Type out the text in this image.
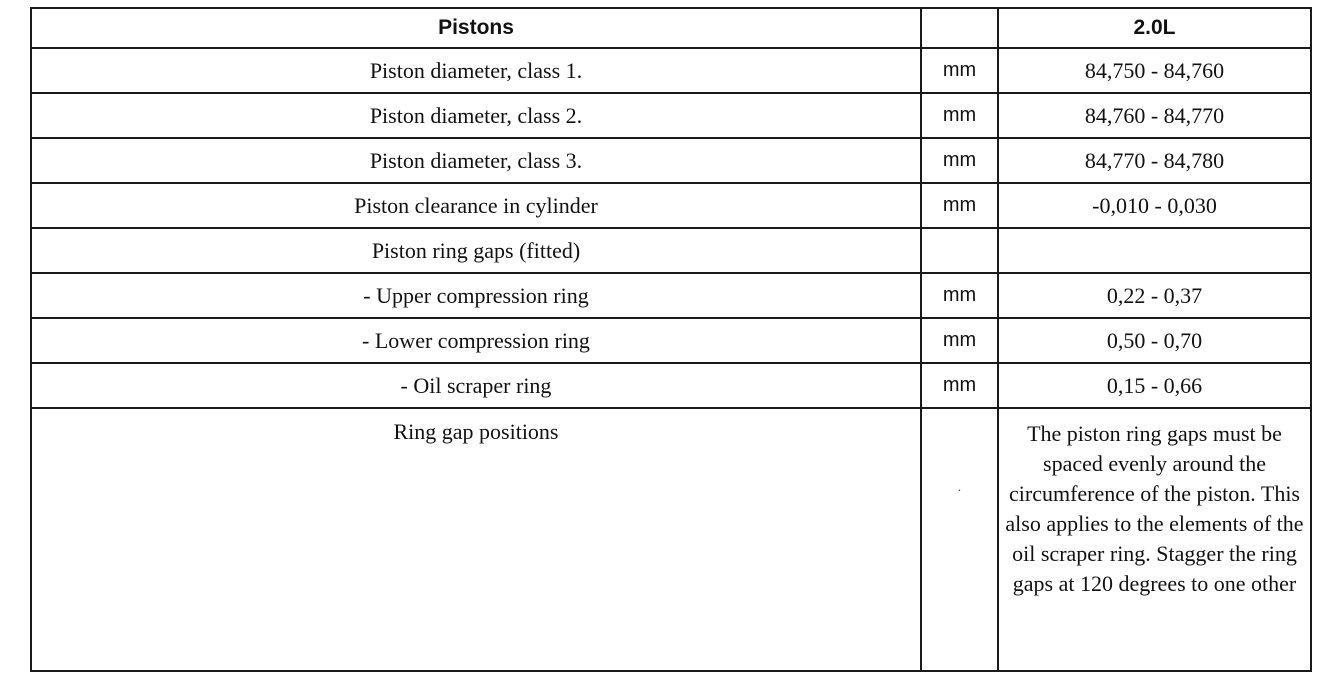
Pistons		2.0L
Piston diameter, class 1.	mm	84,750 - 84,760
Piston diameter, class 2.	mm	84,760 - 84,770
Piston diameter, class 3.	mm	84,770 - 84,780
Piston clearance in cylinder	mm	-0,010 - 0,030
Piston ring gaps (fitted)		
- Upper compression ring	mm	0,22 - 0,37
- Lower compression ring	mm	0,50 - 0,70
- Oil scraper ring	mm	0,15 - 0,66
Ring gap positions	·	The piston ring gaps must be spaced evenly around the circumference of the piston. This also applies to the elements of the oil scraper ring. Stagger the ring gaps at 120 degrees to one other
